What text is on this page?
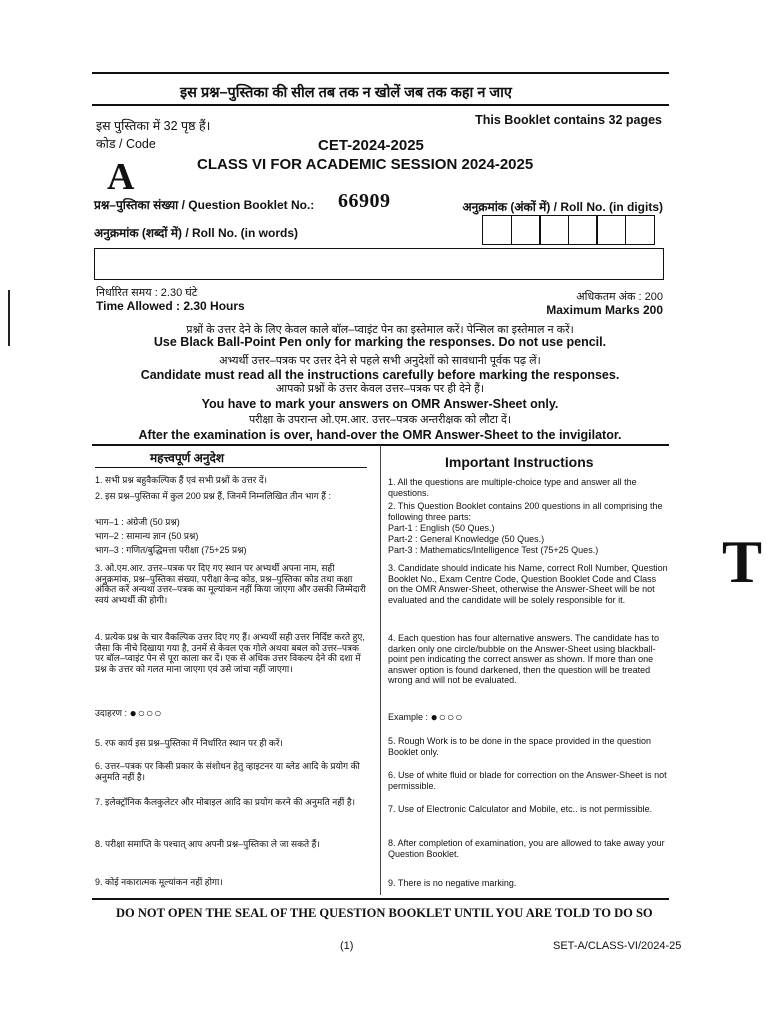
इस प्रश्न–पुस्तिका की सील तब तक न खोलें जब तक कहा न जाए
इस पुस्तिका में 32 पृष्ठ हैं।	This Booklet contains 32 pages
कोड / Code	CET-2024-2025
CLASS VI FOR ACADEMIC SESSION 2024-2025
A
प्रश्न–पुस्तिका संख्या / Question Booklet No.: 66909	अनुक्रमांक (अंकों में) / Roll No. (in digits)
अनुक्रमांक (शब्दों में) / Roll No. (in words)
निर्धारित समय : 2.30 घंटे
Time Allowed : 2.30 Hours
अधिकतम अंक : 200
Maximum Marks 200
प्रश्नों के उत्तर देने के लिए केवल काले बॉल–प्वाइंट पेन का इस्तेमाल करें। पेन्सिल का इस्तेमाल न करें।
Use Black Ball-Point Pen only for marking the responses. Do not use pencil.
अभ्यर्थी उत्तर–पत्रक पर उत्तर देने से पहले सभी अनुदेशों को सावधानी पूर्वक पढ़ लें।
Candidate must read all the instructions carefully before marking the responses.
आपको प्रश्नों के उत्तर केवल उत्तर–पत्रक पर ही देने हैं।
You have to mark your answers on OMR Answer-Sheet only.
परीक्षा के उपरान्त ओ.एम.आर. उत्तर–पत्रक अन्तरीक्षक को लौटा दें।
After the examination is over, hand-over the OMR Answer-Sheet to the invigilator.
महत्त्वपूर्ण अनुदेश	Important Instructions
1. सभी प्रश्न बहुवैकल्पिक हैं एवं सभी प्रश्नों के उत्तर दें।
2. इस प्रश्न–पुस्तिका में कुल 200 प्रश्न हैं, जिनमें निम्नलिखित तीन भाग हैं :
भाग–1 : अंग्रेजी (50 प्रश्न)
भाग–2 : सामान्य ज्ञान (50 प्रश्न)
भाग–3 : गणित/बुद्धिमत्ता परीक्षा (75+25 प्रश्न)
3. ओ.एम.आर. उत्तर–पत्रक पर दिए गए स्थान पर अभ्यर्थी अपना नाम, सही अनुक्रमांक, प्रश्न–पुस्तिका संख्या, परीक्षा केन्द्र कोड, प्रश्न–पुस्तिका कोड तथा कक्षा अंकित करें अन्यथा उत्तर–पत्रक का मूल्यांकन नहीं किया जाएगा और उसकी जिम्मेदारी स्वयं अभ्यर्थी की होगी।
4. प्रत्येक प्रश्न के चार वैकल्पिक उत्तर दिए गए हैं। अभ्यर्थी सही उत्तर निर्दिष्ट करते हुए, जैसा कि नीचे दिखाया गया है, उनमें से केवल एक गोले अथवा बबल को उत्तर–पत्रक पर बॉल–प्वाइंट पेन से पूरा काला कर दें। एक से अधिक उत्तर विकल्प देने की दशा में प्रश्न के उत्तर को गलत माना जाएगा एवं उसे जांचा नहीं जाएगा।
उदाहरण : ●○○○
5. रफ कार्य इस प्रश्न–पुस्तिका में निर्धारित स्थान पर ही करें।
6. उत्तर–पत्रक पर किसी प्रकार के संशोधन हेतु व्हाइटनर या ब्लेड आदि के प्रयोग की अनुमति नहीं है।
7. इलेक्ट्रॉनिक कैलकुलेटर और मोबाइल आदि का प्रयोग करने की अनुमति नहीं है।
8. परीक्षा समाप्ति के पश्चात् आप अपनी प्रश्न–पुस्तिका ले जा सकते हैं।
9. कोई नकारात्मक मूल्यांकन नहीं होगा।
1. All the questions are multiple-choice type and answer all the questions.
2. This Question Booklet contains 200 questions in all comprising the following three parts:
Part-1 : English (50 Ques.)
Part-2 : General Knowledge (50 Ques.)
Part-3 : Mathematics/Intelligence Test (75+25 Ques.)
3. Candidate should indicate his Name, correct Roll Number, Question Booklet No., Exam Centre Code, Question Booklet Code and Class on the OMR Answer-Sheet, otherwise the Answer-Sheet will be not evaluated and the candidate will be solely responsible for it.
4. Each question has four alternative answers. The candidate has to darken only one circle/bubble on the Answer-Sheet using blackball-point pen indicating the correct answer as shown. If more than one answer option is found darkened, then the question will be treated wrong and will not be evaluated.
Example : ●○○○
5. Rough Work is to be done in the space provided in the question Booklet only.
6. Use of white fluid or blade for correction on the Answer-Sheet is not permissible.
7. Use of Electronic Calculator and Mobile, etc.. is not permissible.
8. After completion of examination, you are allowed to take away your Question Booklet.
9. There is no negative marking.
DO NOT OPEN THE SEAL OF THE QUESTION BOOKLET UNTIL YOU ARE TOLD TO DO SO
(1)	SET-A/CLASS-VI/2024-25
T
